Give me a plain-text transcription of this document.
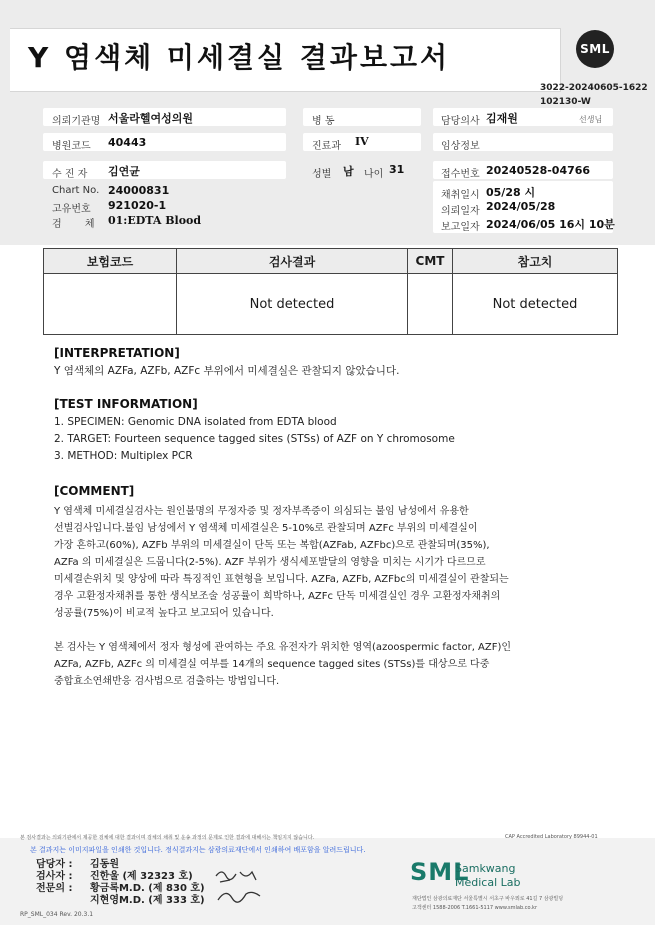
Y 염색체 미세결실 결과보고서	SML
3022-20240605-1622
102130-W
의뢰기관명 서울라헬여성의원	병 동	담당의사 김재원	선생님
병원코드 40443	진료과 IV	임상정보
수 진 자 김연균	성별 남 나이 31	접수번호 20240528-04766
Chart No. 24000831
고유번호 921020-1
검 체 01:EDTA Blood
채취일시 05/28 시
의뢰일자 2024/05/28
보고일자 2024/06/05 16시 10분
보험코드	검사결과	CMT	참고치
	Not detected		Not detected
[INTERPRETATION]
Y 염색체의 AZFa, AZFb, AZFc 부위에서 미세결실은 관찰되지 않았습니다.
[TEST INFORMATION]
1. SPECIMEN: Genomic DNA isolated from EDTA blood
2. TARGET: Fourteen sequence tagged sites (STSs) of AZF on Y chromosome
3. METHOD: Multiplex PCR
[COMMENT]
Y 염색체 미세결실검사는 원인불명의 무정자증 및 정자부족증이 의심되는 불임 남성에서 유용한
선별검사입니다.불임 남성에서 Y 염색체 미세결실은 5-10%로 관찰되며 AZFc 부위의 미세결실이
가장 흔하고(60%), AZFb 부위의 미세결실이 단독 또는 복합(AZFab, AZFbc)으로 관찰되며(35%),
AZFa 의 미세결실은 드뭅니다(2-5%). AZF 부위가 생식세포발달의 영향을 미치는 시기가 다르므로
미세결손위치 및 양상에 따라 특징적인 표현형을 보입니다. AZFa, AZFb, AZFbc의 미세결실이 관찰되는
경우 고환정자채취를 통한 생식보조술 성공률이 희박하나, AZFc 단독 미세결실인 경우 고환정자채취의
성공률(75%)이 비교적 높다고 보고되어 있습니다.
본 검사는 Y 염색체에서 정자 형성에 관여하는 주요 유전자가 위치한 영역(azoospermic factor, AZF)인
AZFa, AZFb, AZFc 의 미세결실 여부를 14개의 sequence tagged sites (STSs)를 대상으로 다중
중합효소연쇄반응 검사법으로 검출하는 방법입니다.
본 검사결과는 의뢰기관에서 제공한 검체에 대한 결과이며 검체의 채취 및 운송 과정의 문제로 인한 결과에 대해서는 책임지지 않습니다.	CAP Accredited Laboratory 89944-01
본 결과지는 이미지파일을 인쇄한 것입니다. 정식결과지는 삼광의료재단에서 인쇄하여 배포함을 알려드립니다.
담당자 : 김동원
검사자 : 진한울 (제 32323 호)
전문의 : 황금록M.D. (제 830 호)
지현영M.D. (제 333 호)
SML
Samkwang
Medical Lab
재단법인 삼광의료재단 서울특별시 서초구 바우뫼로 41길 7 삼광빌딩
고객센터 1588-2006 T.1661-5117 www.smlab.co.kr
RP_SML_034 Rev. 20.3.1
